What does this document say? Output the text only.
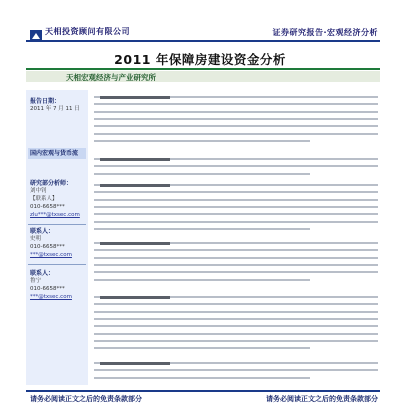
天相投资顾问有限公司	证券研究报告·宏观经济分析
2011 年保障房建设资金分析
天相宏观经济与产业研究所
报告日期：
2011 年 7 月 11 日
国内宏观与货币流
研究部分析师：
刘中钊
【联系人】
010-6658***
zlu***@txsec.com
联系人：
史明
010-6658***
***@txsec.com
联系人：
鲁宁
010-6658***
***@txsec.com
请务必阅读正文之后的免责条款部分	请务必阅读正文之后的免责条款部分
